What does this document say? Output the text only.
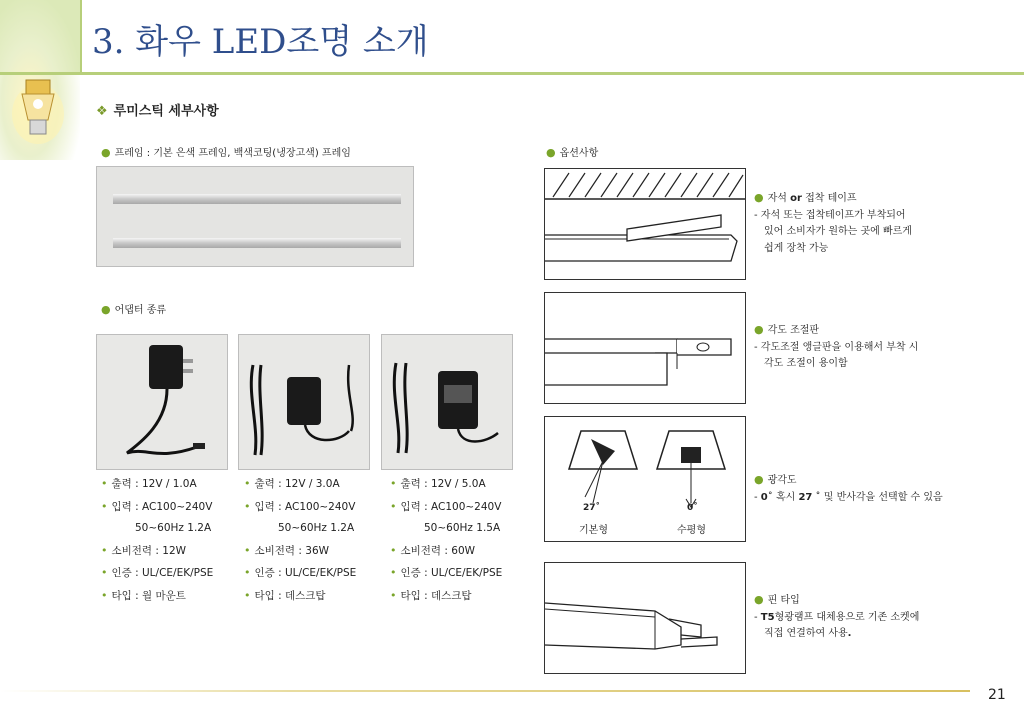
3. 화우 LED조명 소개
❖ 루미스틱 세부사항
● 프레임 : 기본 은색 프레임, 백색코팅(냉장고색) 프레임
● 어댑터 종류
• 출력 : 12V / 1.0A
• 입력 : AC100~240V
50~60Hz 1.2A
• 소비전력 : 12W
• 인증 : UL/CE/EK/PSE
• 타입 : 월 마운트
• 출력 : 12V / 3.0A
• 입력 : AC100~240V
50~60Hz 1.2A
• 소비전력 : 36W
• 인증 : UL/CE/EK/PSE
• 타입 : 데스크탑
• 출력 : 12V / 5.0A
• 입력 : AC100~240V
50~60Hz 1.5A
• 소비전력 : 60W
• 인증 : UL/CE/EK/PSE
• 타입 : 데스크탑
● 옵션사항
● 자석 or 접착 테이프
- 자석 또는 접착테이프가 부착되어
있어 소비자가 원하는 곳에 빠르게
쉽게 장착 가능
● 각도 조절판
- 각도조절 앵글판을 이용해서 부착 시
각도 조절이 용이함
27˚	0˚
기본형	수평형
● 광각도
- 0˚ 혹시 27 ˚ 및 반사각을 선택할 수 있음
● 핀 타입
- T5형광램프 대체용으로 기존 소켓에
직접 연결하여 사용.
21
